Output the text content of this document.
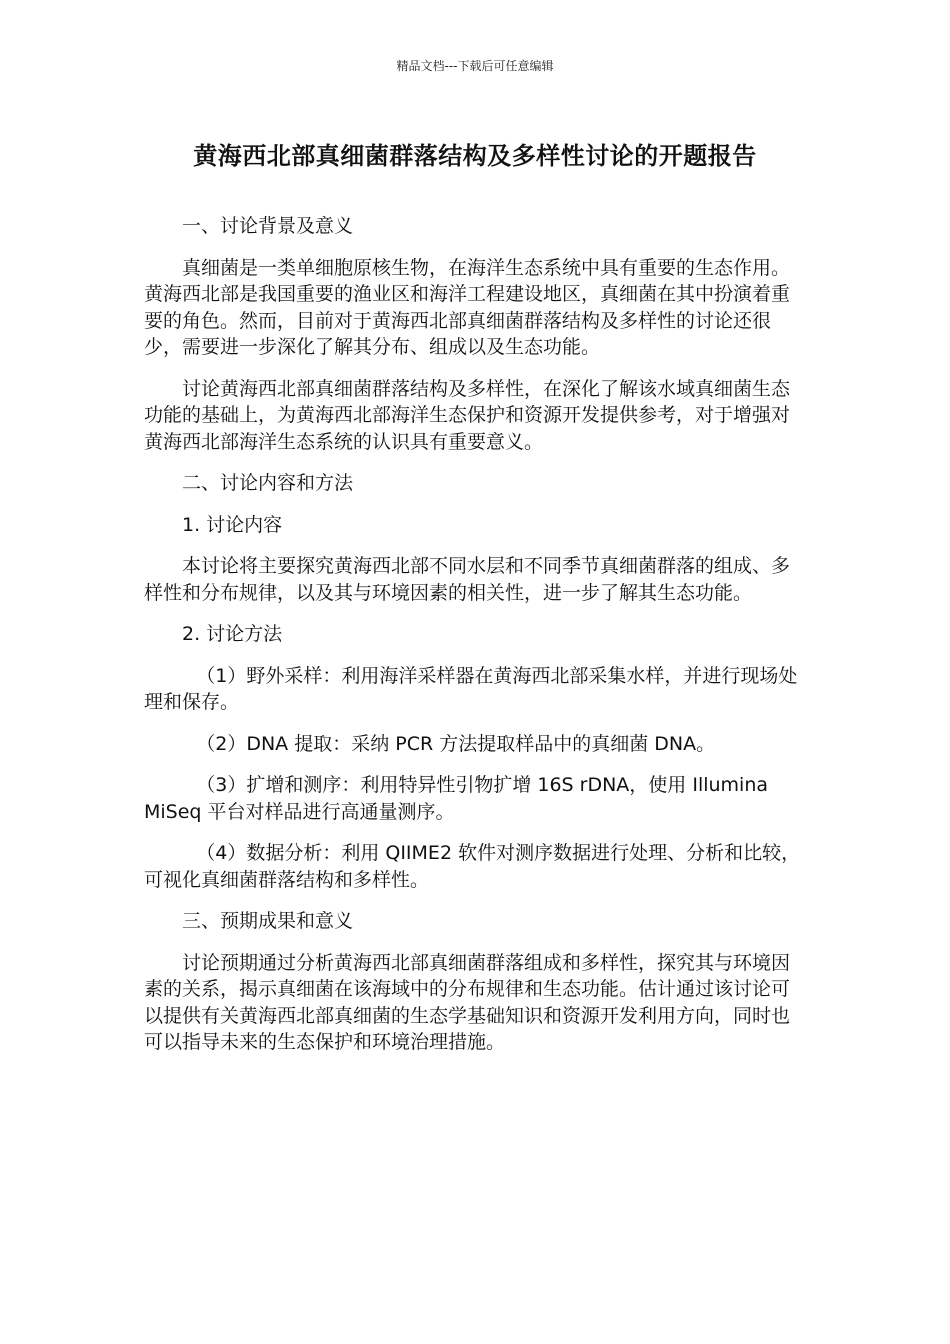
精品文档---下载后可任意编辑
黄海西北部真细菌群落结构及多样性讨论的开题报告

一、讨论背景及意义

真细菌是一类单细胞原核生物，在海洋生态系统中具有重要的生态作用。黄海西北部是我国重要的渔业区和海洋工程建设地区，真细菌在其中扮演着重要的角色。然而，目前对于黄海西北部真细菌群落结构及多样性的讨论还很少，需要进一步深化了解其分布、组成以及生态功能。

讨论黄海西北部真细菌群落结构及多样性，在深化了解该水域真细菌生态功能的基础上，为黄海西北部海洋生态保护和资源开发提供参考，对于增强对黄海西北部海洋生态系统的认识具有重要意义。

二、讨论内容和方法

1. 讨论内容

本讨论将主要探究黄海西北部不同水层和不同季节真细菌群落的组成、多样性和分布规律，以及其与环境因素的相关性，进一步了解其生态功能。

2. 讨论方法

（1）野外采样：利用海洋采样器在黄海西北部采集水样，并进行现场处理和保存。

（2）DNA 提取：采纳 PCR 方法提取样品中的真细菌 DNA。

（3）扩增和测序：利用特异性引物扩增 16S rDNA，使用 Illumina MiSeq 平台对样品进行高通量测序。

（4）数据分析：利用 QIIME2 软件对测序数据进行处理、分析和比较，可视化真细菌群落结构和多样性。

三、预期成果和意义

讨论预期通过分析黄海西北部真细菌群落组成和多样性，探究其与环境因素的关系，揭示真细菌在该海域中的分布规律和生态功能。估计通过该讨论可以提供有关黄海西北部真细菌的生态学基础知识和资源开发利用方向，同时也可以指导未来的生态保护和环境治理措施。
